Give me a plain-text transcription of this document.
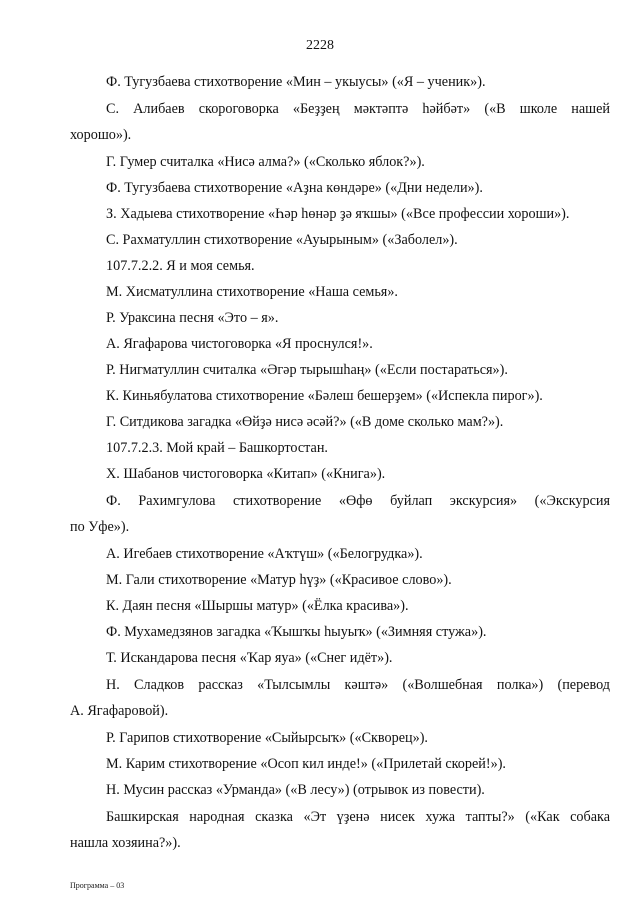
2228
Ф. Тугузбаева стихотворение «Мин – укыусы» («Я – ученик»).
С. Алибаев скороговорка «Беҙҙең мәктәптә һәйбәт» («В школе нашей
хорошо»).
Г. Гумер считалка «Нисә алма?» («Сколько яблок?»).
Ф. Тугузбаева стихотворение «Аҙна көндәре» («Дни недели»).
З. Хадыева стихотворение «Һәр һөнәр ҙә яҡшы» («Все профессии хороши»).
С. Рахматуллин стихотворение «Ауырыным» («Заболел»).
107.7.2.2. Я и моя семья.
М. Хисматуллина стихотворение «Наша семья».
Р. Ураксина песня «Это – я».
А. Ягафарова чистоговорка «Я проснулся!».
Р. Нигматуллин считалка «Әгәр тырышһаң» («Если постараться»).
К. Киньябулатова стихотворение «Бәлеш бешерҙем» («Испекла пирог»).
Г. Ситдикова загадка «Өйҙә нисә әсәй?» («В доме сколько мам?»).
107.7.2.3. Мой край – Башкортостан.
Х. Шабанов чистоговорка «Китап» («Книга»).
Ф. Рахимгулова стихотворение «Өфө буйлап экскурсия» («Экскурсия
по Уфе»).
А. Игебаев стихотворение «Аҡтүш» («Белогрудка»).
М. Гали стихотворение «Матур һүҙ» («Красивое слово»).
К. Даян песня «Шыршы матур» («Ёлка красива»).
Ф. Мухамедзянов загадка «Ҡышҡы һыуыҡ» («Зимняя стужа»).
Т. Искандарова песня «Ҡар яуа» («Снег идёт»).
Н. Сладков рассказ «Тылсымлы кәштә» («Волшебная полка») (перевод
А. Ягафаровой).
Р. Гарипов стихотворение «Сыйырсыҡ» («Скворец»).
М. Карим стихотворение «Осоп кил инде!» («Прилетай скорей!»).
Н. Мусин рассказ «Урманда» («В лесу») (отрывок из повести).
Башкирская народная сказка «Эт үҙенә нисек хужа тапты?» («Как собака
нашла хозяина?»).
Программа – 03
